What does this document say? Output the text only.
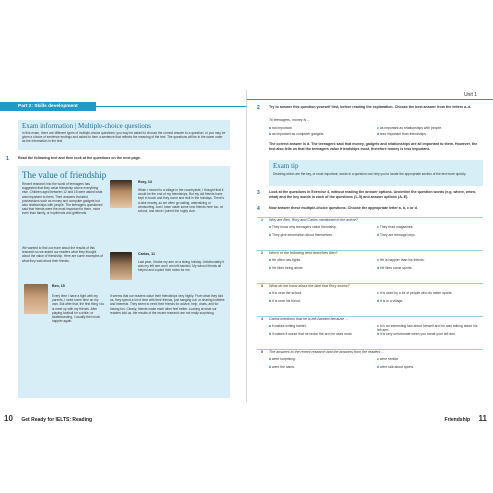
Part 2: Skills development
Exam information | Multiple-choice questions
In this exam, there are different types of multiple-choice questions: you may be asked to choose the correct answer to a question, or you may be given a choice of sentence endings and asked to form a sentence that reflects the meaning of the text. The questions will be in the same order as the information in the text.
1	Read the following text and then look at the questions on the next page.
The value of friendship
Recent research into the world of teenagers has suggested that they value friendship above everything else. Children aged between 12 and 15 were asked what was important to them. Their answers included possessions such as money and computer gadgets but also relationships with people. The teenagers questioned said that friends were the most important to them, more even than family, or boyfriends and girlfriends.
We wanted to find out more about the results of this research so we asked our readers what they thought about the value of friendship. Here are some examples of what they said about their friends.
Ben, 15
Every time I have a fight with my parents, I need some time on my own. But after that, the first thing I do is meet up with my friends. After playing football for a while, or skateboarding, I usually feel much happier again.
Rory, 13
When I moved to a village in the countryside, I thought that it would be the end of my friendships. But my old friends have kept in touch and they come and visit in the holidays. There's a lake nearby, so we often go sailing, waterskiing or windsurfing. And I have made some new friends here too, at school, and since I joined the rugby club.
Carlos, 11
Last year, I broke my arm on a skiing holiday. Unfortunately it was my left arm and I am left-handed. My school friends all helped and copied their notes for me.
It seems that our readers value their friendships very highly. From what they told us, they spend a lot of time with their friends, just hanging out, or sharing hobbies and interests. They seem to need their friends for advice, help, chats, and for having fun. Clearly, friends make each other feel better. Looking at what our readers told us, the results of the recent research are not really surprising.
10 Get Ready for IELTS: Reading
Unit 1
2	Try to answer this question yourself first, before reading the explanation. Choose the best answer from the letters a–d.
To teenagers, money is ...
a not important.	c as important as relationships with people.
b as important as computer gadgets.	d less important than friendships.
The correct answer is d. The teenagers said that money, gadgets and relationships are all important to them. However, the text also tells us that the teenagers value friendships most, therefore money is less important.
Exam tip
Deciding which are the key, or most important, words in a question can help you to locate the appropriate section of the text more quickly.
3	Look at the questions in Exercise 4, without reading the answer options. Underline the question words (e.g. where, when, what) and the key words in each of the questions (1–5) and answer options (A–E).
4	Now answer these multiple-choice questions. Choose the appropriate letter a, b, c or d.
1 Why are Ben, Rory and Carlos mentioned in the article?
a They know why teenagers value friendship.	c They read magazines.
b They give information about themselves.	d They are teenage boys.
2 Which of the following best describes Ben?
a He often has fights.	c He is happier than his friends.
b He likes being alone.	d He likes some sports.
3 What do we know about the lake that Rory swims?
a It is near the school.	c It is used by a lot of people who do water sports.
b It is near his friend.	d It is in a village.
4 Carlos mentions that he is left-handed because ...
a it makes writing harder.	c it is an interesting fact about himself and he was talking about his left arm.
b it makes it worse that he broke the arm he uses most.	d it is very unfortunate when you break your left arm.
5 The answers to the recent research and the answers from the readers ...
a were surprising.	c were similar.
b were the same.	d were talk about sports.
Friendship 11
